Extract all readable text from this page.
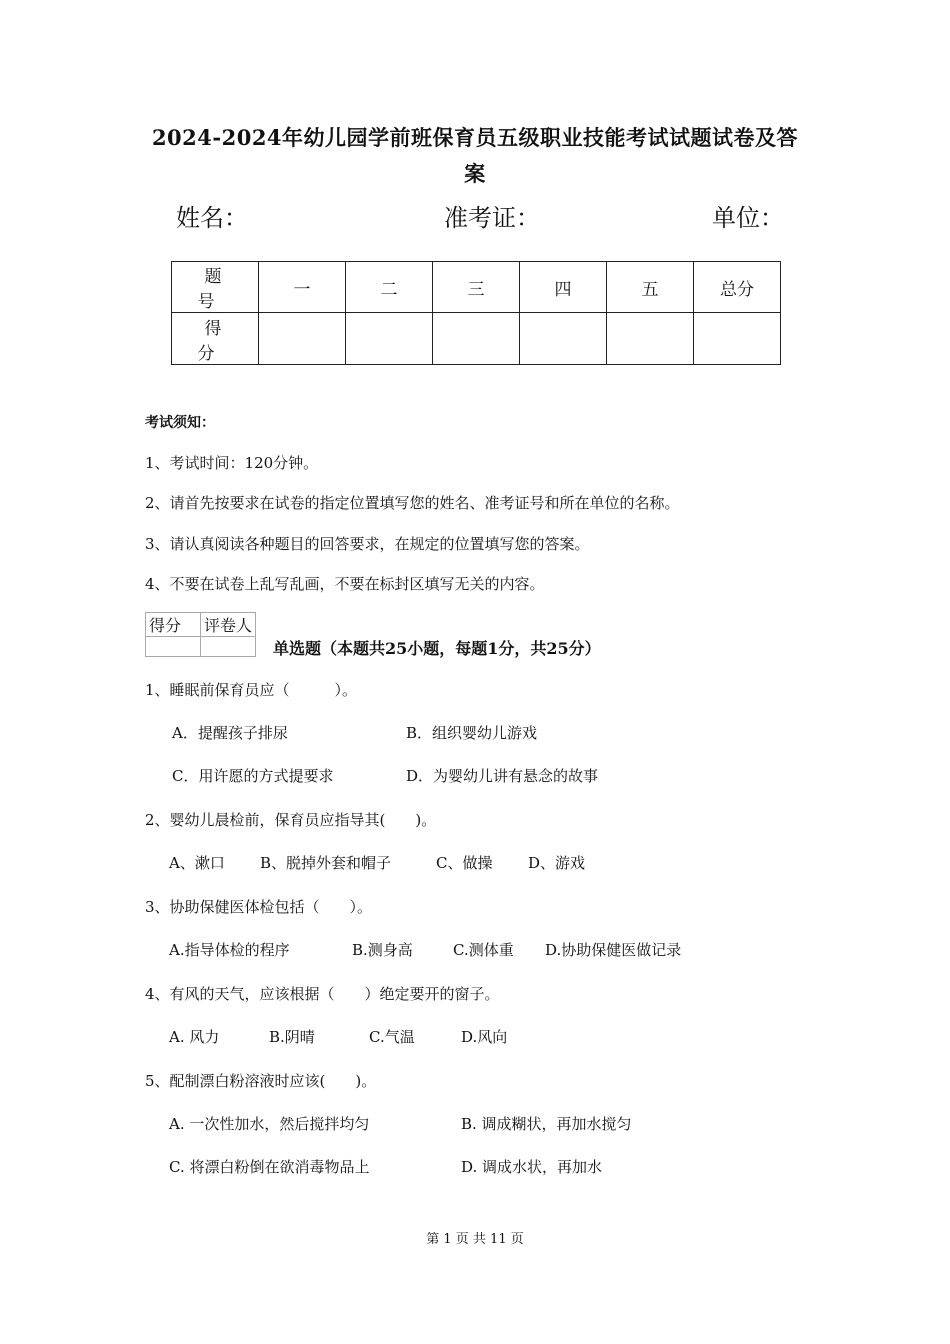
2024-2024年幼儿园学前班保育员五级职业技能考试试题试卷及答
案
姓名：	准考证：	单位：
题 号	一	二	三	四	五	总分
得 分						
考试须知：
1、考试时间：120分钟。
2、请首先按要求在试卷的指定位置填写您的姓名、准考证号和所在单位的名称。
3、请认真阅读各种题目的回答要求，在规定的位置填写您的答案。
4、不要在试卷上乱写乱画，不要在标封区填写无关的内容。
得分	评卷人

单选题（本题共25小题，每题1分，共25分）
1、睡眠前保育员应（　　　）。
A．提醒孩子排尿	B．组织婴幼儿游戏
C．用许愿的方式提要求	D．为婴幼儿讲有悬念的故事
2、婴幼儿晨检前，保育员应指导其(　　)。
A、漱口 B、脱掉外套和帽子	C、做操 D、游戏
3、协助保健医体检包括（　　）。
A.指导体检的程序	B.测身高	C.测体重 D.协助保健医做记录
4、有风的天气，应该根据（　　）绝定要开的窗子。
A. 风力	B.阴晴	C.气温	D.风向
5、配制漂白粉溶液时应该(　　)。
A. 一次性加水，然后搅拌均匀	B. 调成糊状，再加水搅匀
C. 将漂白粉倒在欲消毒物品上	D. 调成水状，再加水
第 1 页 共 11 页
